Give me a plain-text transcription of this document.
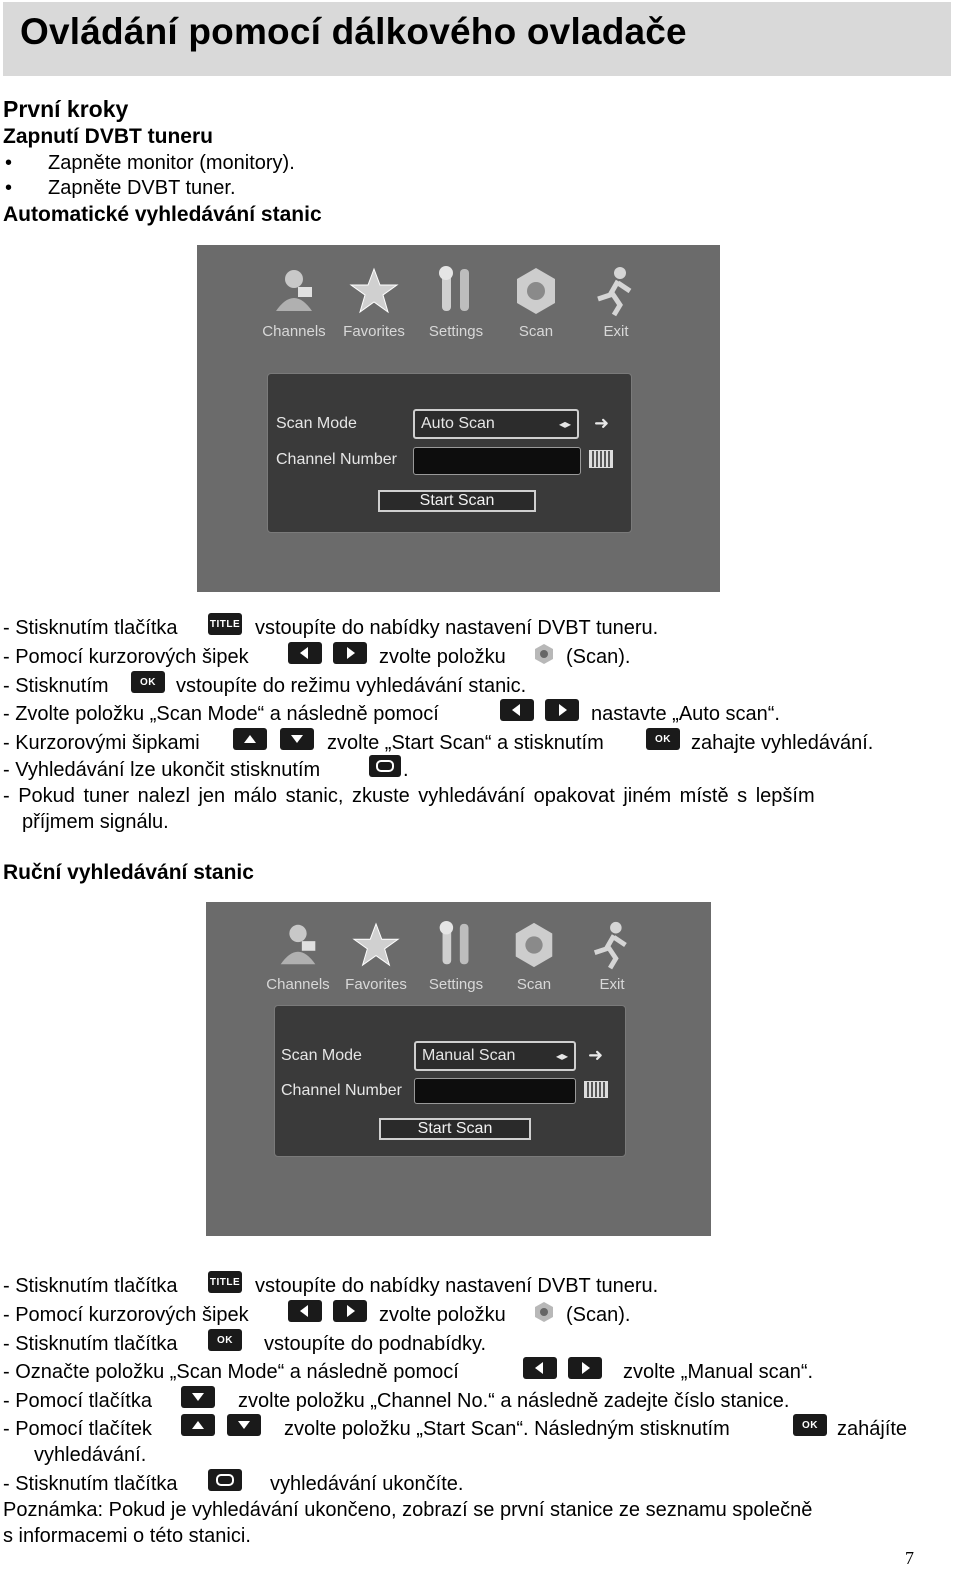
Ovládání pomocí dálkového ovladače
První kroky
Zapnutí DVBT tuneru
• Zapněte monitor (monitory).
• Zapněte DVBT tuner.
Automatické vyhledávání stanic
Channels	Favorites	Settings	Scan	Exit
Scan Mode	Auto Scan	◂▸ ➜
Channel Number
Start Scan
- Stisknutím tlačítka	TITLE vstoupíte do nabídky nastavení DVBT tuneru.
- Pomocí kurzorových šipek	zvolte položku	(Scan).
- Stisknutím	OK vstoupíte do režimu vyhledávání stanic.
- Zvolte položku „Scan Mode“ a následně pomocí	nastavte „Auto scan“.
- Kurzorovými šipkami	zvolte „Start Scan“ a stisknutím	OK zahajte vyhledávání.
- Vyhledávání lze ukončit stisknutím	.
- Pokud tuner nalezl jen málo stanic, zkuste vyhledávání opakovat jiném místě s lepším
příjmem signálu.
Ruční vyhledávání stanic
Channels	Favorites	Settings	Scan	Exit
Scan Mode	Manual Scan	◂▸ ➜
Channel Number
Start Scan
- Stisknutím tlačítka	TITLE vstoupíte do nabídky nastavení DVBT tuneru.
- Pomocí kurzorových šipek	zvolte položku	(Scan).
- Stisknutím tlačítka	OK vstoupíte do podnabídky.
- Označte položku „Scan Mode“ a následně pomocí	zvolte „Manual scan“.
- Pomocí tlačítka	zvolte položku „Channel No.“ a následně zadejte číslo stanice.
- Pomocí tlačítek	zvolte položku „Start Scan“. Následným stisknutím	OK zahájíte
vyhledávání.
- Stisknutím tlačítka	vyhledávání ukončíte.
Poznámka: Pokud je vyhledávání ukončeno, zobrazí se první stanice ze seznamu společně
s informacemi o této stanici.
7
